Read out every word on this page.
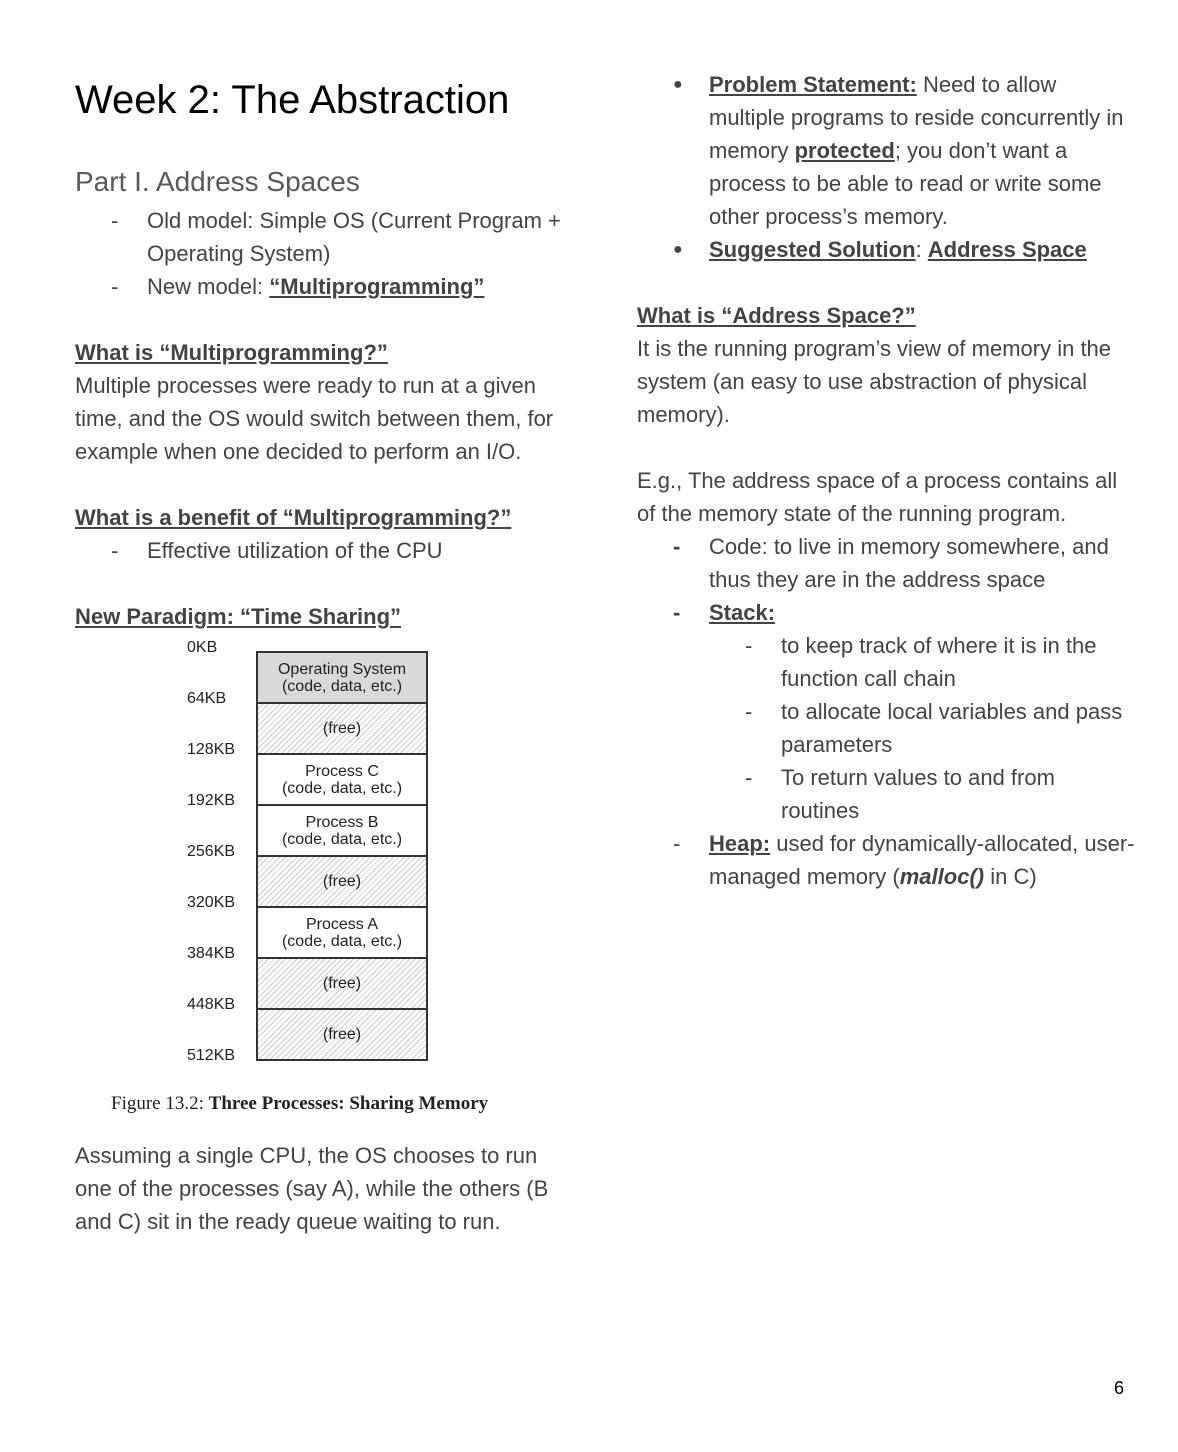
Week 2: The Abstraction
Part I. Address Spaces
- Old model: Simple OS (Current Program + Operating System)
- New model: “Multiprogramming”

What is “Multiprogramming?”

Multiple processes were ready to run at a given time, and the OS would switch between them, for example when one decided to perform an I/O.

What is a benefit of “Multiprogramming?”

- Effective utilization of the CPU

New Paradigm: “Time Sharing”

0KB
64KB
128KB
192KB
256KB
320KB
384KB
448KB
512KB
Operating System
(code, data, etc.)
(free)
Process C
(code, data, etc.)
Process B
(code, data, etc.)
(free)
Process A
(code, data, etc.)
(free)
(free)
Figure 13.2: Three Processes: Sharing Memory

Assuming a single CPU, the OS chooses to run one of the processes (say A), while the others (B and C) sit in the ready queue waiting to run.

● Problem Statement: Need to allow multiple programs to reside concurrently in memory protected; you don’t want a process to be able to read or write some other process’s memory.
● Suggested Solution: Address Space

What is “Address Space?”

It is the running program’s view of memory in the system (an easy to use abstraction of physical memory).

E.g., The address space of a process contains all of the memory state of the running program.

- Code: to live in memory somewhere, and thus they are in the address space
- Stack:
- to keep track of where it is in the function call chain
- to allocate local variables and pass parameters
- To return values to and from routines
- Heap: used for dynamically-allocated, user-managed memory (malloc() in C)
6
